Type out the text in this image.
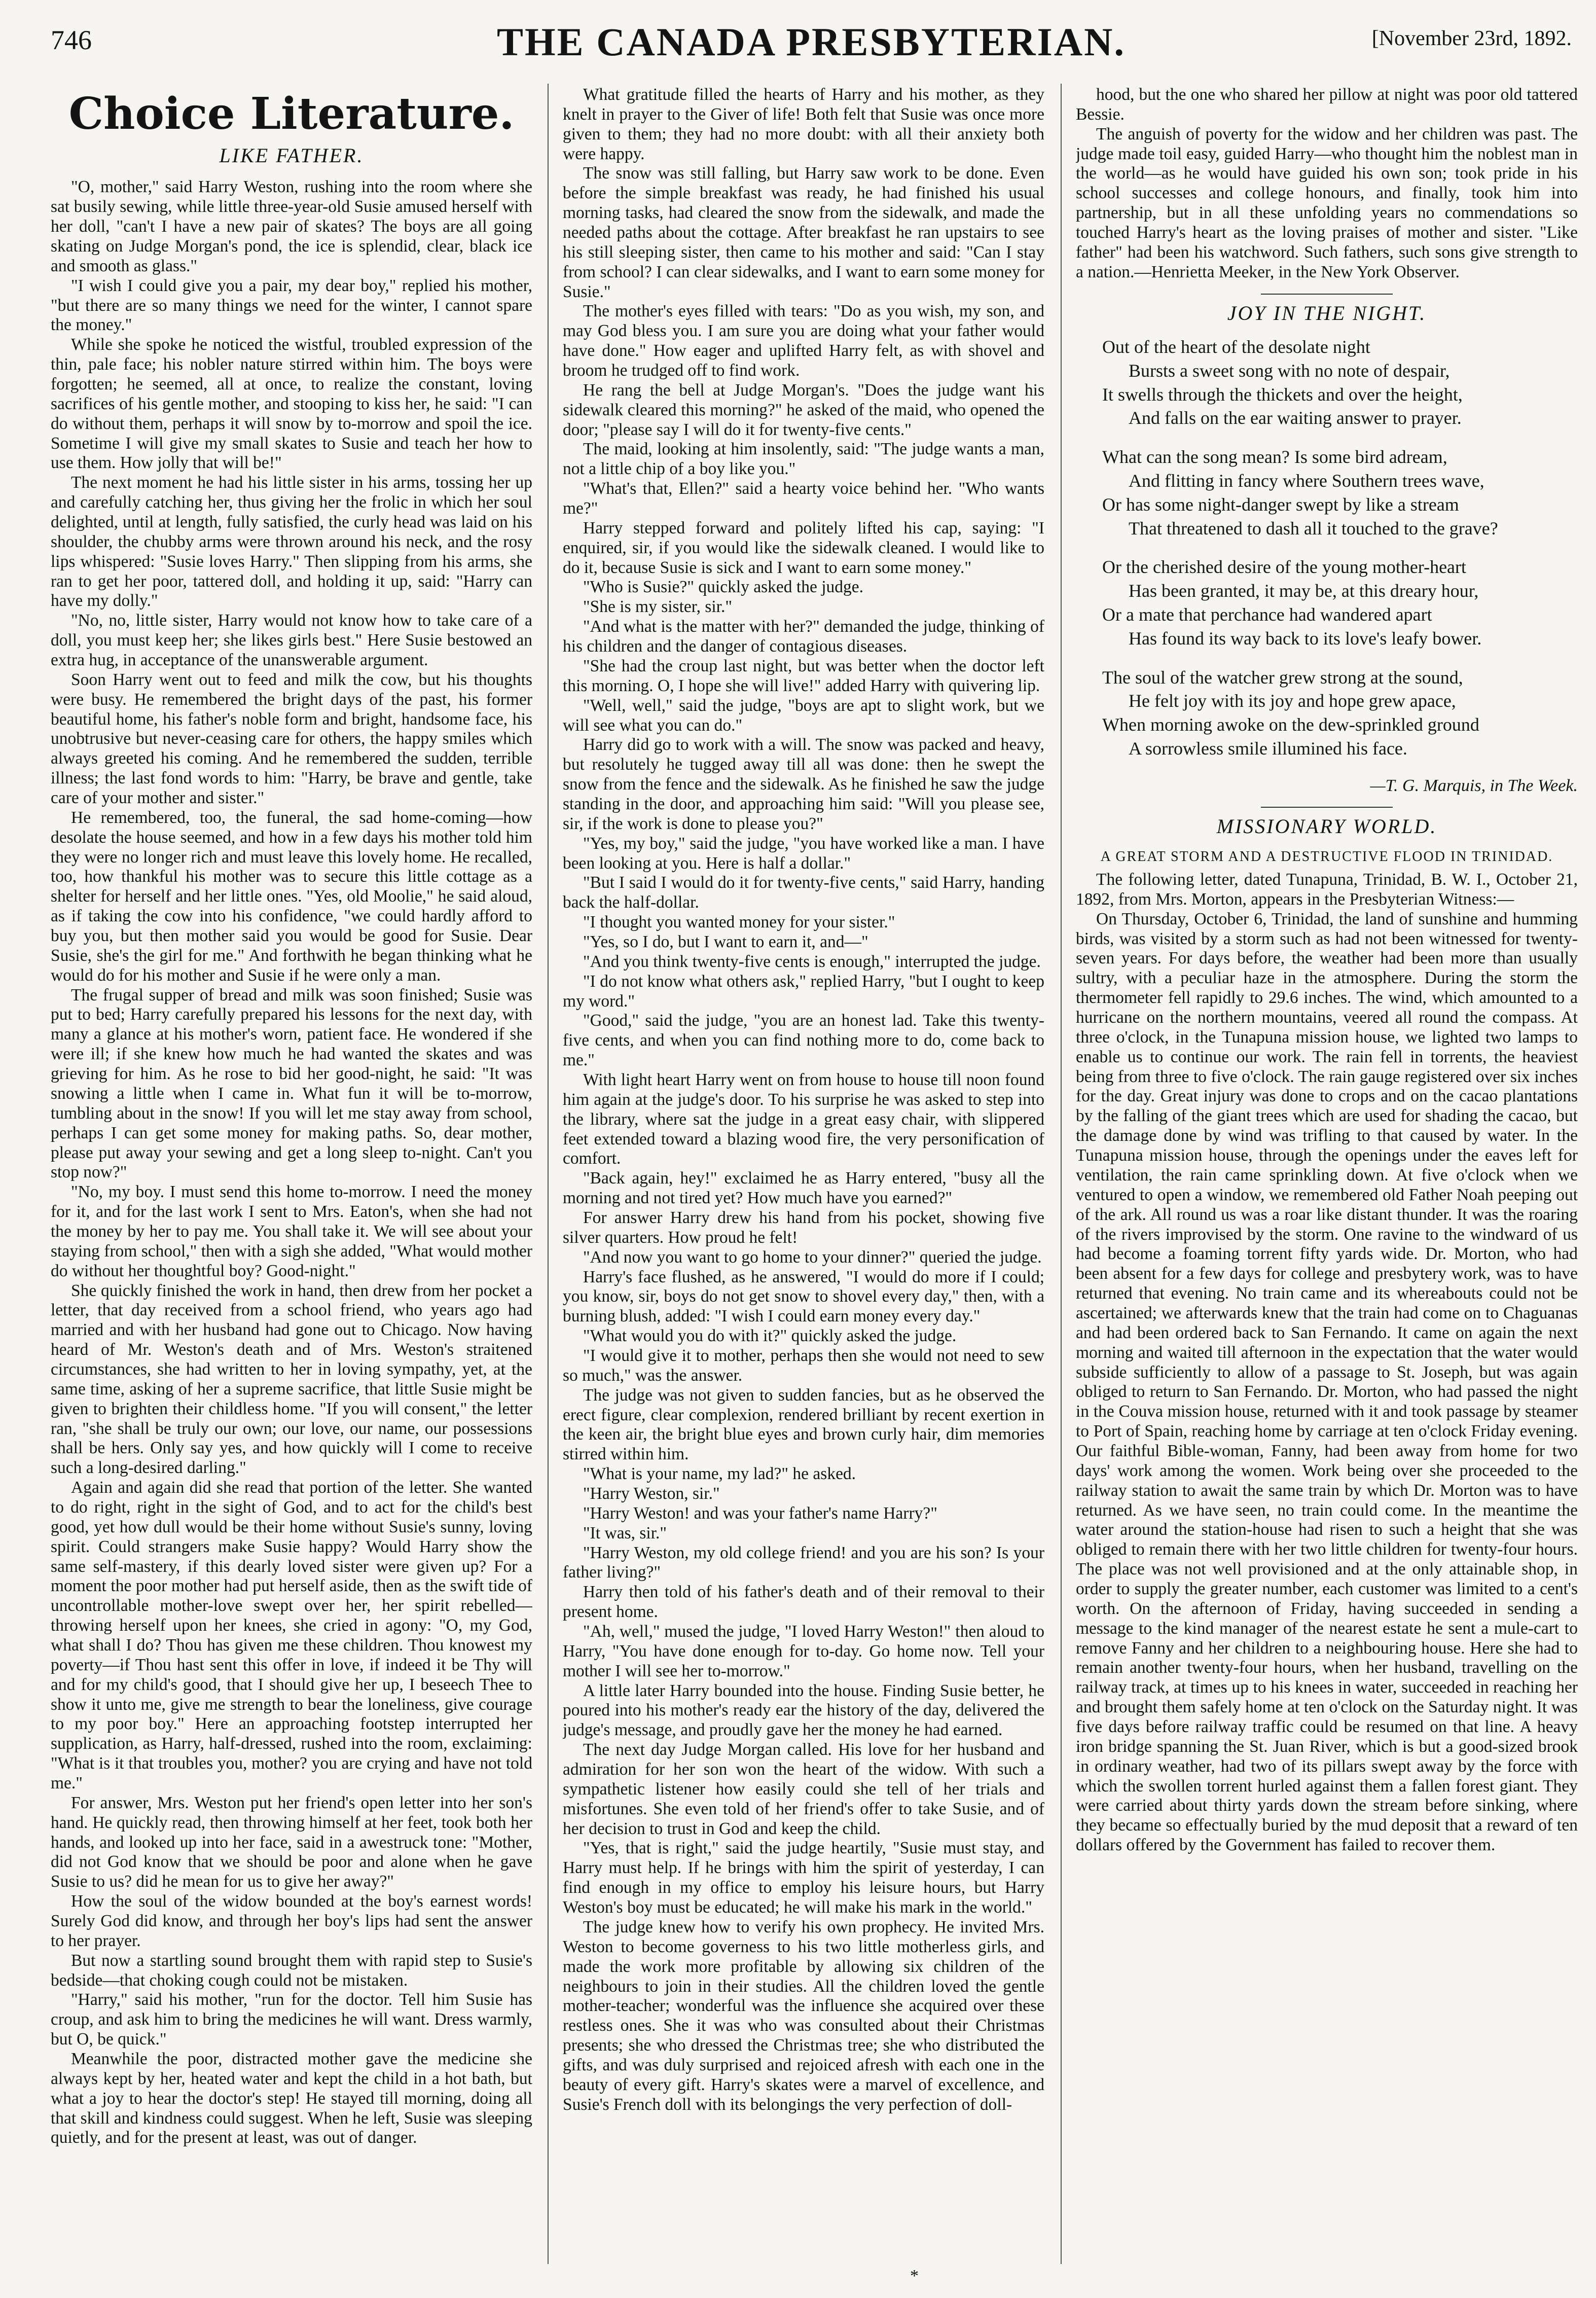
746	THE CANADA PRESBYTERIAN.	[November 23rd, 1892.
Choice Literature.
LIKE FATHER.

"O, mother," said Harry Weston, rushing into the room where she sat busily sewing, while little three-year-old Susie amused herself with her doll, "can't I have a new pair of skates? The boys are all going skating on Judge Morgan's pond, the ice is splendid, clear, black ice and smooth as glass."

"I wish I could give you a pair, my dear boy," replied his mother, "but there are so many things we need for the winter, I cannot spare the money."

While she spoke he noticed the wistful, troubled expression of the thin, pale face; his nobler nature stirred within him. The boys were forgotten; he seemed, all at once, to realize the constant, loving sacrifices of his gentle mother, and stooping to kiss her, he said: "I can do without them, perhaps it will snow by to-morrow and spoil the ice. Sometime I will give my small skates to Susie and teach her how to use them. How jolly that will be!"

The next moment he had his little sister in his arms, tossing her up and carefully catching her, thus giving her the frolic in which her soul delighted, until at length, fully satisfied, the curly head was laid on his shoulder, the chubby arms were thrown around his neck, and the rosy lips whispered: "Susie loves Harry." Then slipping from his arms, she ran to get her poor, tattered doll, and holding it up, said: "Harry can have my dolly."

"No, no, little sister, Harry would not know how to take care of a doll, you must keep her; she likes girls best." Here Susie bestowed an extra hug, in acceptance of the unanswerable argument.

Soon Harry went out to feed and milk the cow, but his thoughts were busy. He remembered the bright days of the past, his former beautiful home, his father's noble form and bright, handsome face, his unobtrusive but never-ceasing care for others, the happy smiles which always greeted his coming. And he remembered the sudden, terrible illness; the last fond words to him: "Harry, be brave and gentle, take care of your mother and sister."

He remembered, too, the funeral, the sad home-coming—how desolate the house seemed, and how in a few days his mother told him they were no longer rich and must leave this lovely home. He recalled, too, how thankful his mother was to secure this little cottage as a shelter for herself and her little ones. "Yes, old Moolie," he said aloud, as if taking the cow into his confidence, "we could hardly afford to buy you, but then mother said you would be good for Susie. Dear Susie, she's the girl for me." And forthwith he began thinking what he would do for his mother and Susie if he were only a man.

The frugal supper of bread and milk was soon finished; Susie was put to bed; Harry carefully prepared his lessons for the next day, with many a glance at his mother's worn, patient face. He wondered if she were ill; if she knew how much he had wanted the skates and was grieving for him. As he rose to bid her good-night, he said: "It was snowing a little when I came in. What fun it will be to-morrow, tumbling about in the snow! If you will let me stay away from school, perhaps I can get some money for making paths. So, dear mother, please put away your sewing and get a long sleep to-night. Can't you stop now?"

"No, my boy. I must send this home to-morrow. I need the money for it, and for the last work I sent to Mrs. Eaton's, when she had not the money by her to pay me. You shall take it. We will see about your staying from school," then with a sigh she added, "What would mother do without her thoughtful boy? Good-night."

She quickly finished the work in hand, then drew from her pocket a letter, that day received from a school friend, who years ago had married and with her husband had gone out to Chicago. Now having heard of Mr. Weston's death and of Mrs. Weston's straitened circumstances, she had written to her in loving sympathy, yet, at the same time, asking of her a supreme sacrifice, that little Susie might be given to brighten their childless home. "If you will consent," the letter ran, "she shall be truly our own; our love, our name, our possessions shall be hers. Only say yes, and how quickly will I come to receive such a long-desired darling."

Again and again did she read that portion of the letter. She wanted to do right, right in the sight of God, and to act for the child's best good, yet how dull would be their home without Susie's sunny, loving spirit. Could strangers make Susie happy? Would Harry show the same self-mastery, if this dearly loved sister were given up? For a moment the poor mother had put herself aside, then as the swift tide of uncontrollable mother-love swept over her, her spirit rebelled—throwing herself upon her knees, she cried in agony: "O, my God, what shall I do? Thou has given me these children. Thou knowest my poverty—if Thou hast sent this offer in love, if indeed it be Thy will and for my child's good, that I should give her up, I beseech Thee to show it unto me, give me strength to bear the loneliness, give courage to my poor boy." Here an approaching footstep interrupted her supplication, as Harry, half-dressed, rushed into the room, exclaiming: "What is it that troubles you, mother? you are crying and have not told me."

For answer, Mrs. Weston put her friend's open letter into her son's hand. He quickly read, then throwing himself at her feet, took both her hands, and looked up into her face, said in a awestruck tone: "Mother, did not God know that we should be poor and alone when he gave Susie to us? did he mean for us to give her away?"

How the soul of the widow bounded at the boy's earnest words! Surely God did know, and through her boy's lips had sent the answer to her prayer.

But now a startling sound brought them with rapid step to Susie's bedside—that choking cough could not be mistaken.

"Harry," said his mother, "run for the doctor. Tell him Susie has croup, and ask him to bring the medicines he will want. Dress warmly, but O, be quick."

Meanwhile the poor, distracted mother gave the medicine she always kept by her, heated water and kept the child in a hot bath, but what a joy to hear the doctor's step! He stayed till morning, doing all that skill and kindness could suggest. When he left, Susie was sleeping quietly, and for the present at least, was out of danger.

What gratitude filled the hearts of Harry and his mother, as they knelt in prayer to the Giver of life! Both felt that Susie was once more given to them; they had no more doubt: with all their anxiety both were happy.

The snow was still falling, but Harry saw work to be done. Even before the simple breakfast was ready, he had finished his usual morning tasks, had cleared the snow from the sidewalk, and made the needed paths about the cottage. After breakfast he ran upstairs to see his still sleeping sister, then came to his mother and said: "Can I stay from school? I can clear sidewalks, and I want to earn some money for Susie."

The mother's eyes filled with tears: "Do as you wish, my son, and may God bless you. I am sure you are doing what your father would have done." How eager and uplifted Harry felt, as with shovel and broom he trudged off to find work.

He rang the bell at Judge Morgan's. "Does the judge want his sidewalk cleared this morning?" he asked of the maid, who opened the door; "please say I will do it for twenty-five cents."

The maid, looking at him insolently, said: "The judge wants a man, not a little chip of a boy like you."

"What's that, Ellen?" said a hearty voice behind her. "Who wants me?"

Harry stepped forward and politely lifted his cap, saying: "I enquired, sir, if you would like the sidewalk cleaned. I would like to do it, because Susie is sick and I want to earn some money."

"Who is Susie?" quickly asked the judge.

"She is my sister, sir."

"And what is the matter with her?" demanded the judge, thinking of his children and the danger of contagious diseases.

"She had the croup last night, but was better when the doctor left this morning. O, I hope she will live!" added Harry with quivering lip.

"Well, well," said the judge, "boys are apt to slight work, but we will see what you can do."

Harry did go to work with a will. The snow was packed and heavy, but resolutely he tugged away till all was done: then he swept the snow from the fence and the sidewalk. As he finished he saw the judge standing in the door, and approaching him said: "Will you please see, sir, if the work is done to please you?"

"Yes, my boy," said the judge, "you have worked like a man. I have been looking at you. Here is half a dollar."

"But I said I would do it for twenty-five cents," said Harry, handing back the half-dollar.

"I thought you wanted money for your sister."

"Yes, so I do, but I want to earn it, and—"

"And you think twenty-five cents is enough," interrupted the judge.

"I do not know what others ask," replied Harry, "but I ought to keep my word."

"Good," said the judge, "you are an honest lad. Take this twenty-five cents, and when you can find nothing more to do, come back to me."

With light heart Harry went on from house to house till noon found him again at the judge's door. To his surprise he was asked to step into the library, where sat the judge in a great easy chair, with slippered feet extended toward a blazing wood fire, the very personification of comfort.

"Back again, hey!" exclaimed he as Harry entered, "busy all the morning and not tired yet? How much have you earned?"

For answer Harry drew his hand from his pocket, showing five silver quarters. How proud he felt!

"And now you want to go home to your dinner?" queried the judge.

Harry's face flushed, as he answered, "I would do more if I could; you know, sir, boys do not get snow to shovel every day," then, with a burning blush, added: "I wish I could earn money every day."

"What would you do with it?" quickly asked the judge.

"I would give it to mother, perhaps then she would not need to sew so much," was the answer.

The judge was not given to sudden fancies, but as he observed the erect figure, clear complexion, rendered brilliant by recent exertion in the keen air, the bright blue eyes and brown curly hair, dim memories stirred within him.

"What is your name, my lad?" he asked.

"Harry Weston, sir."

"Harry Weston! and was your father's name Harry?"

"It was, sir."

"Harry Weston, my old college friend! and you are his son? Is your father living?"

Harry then told of his father's death and of their removal to their present home.

"Ah, well," mused the judge, "I loved Harry Weston!" then aloud to Harry, "You have done enough for to-day. Go home now. Tell your mother I will see her to-morrow."

A little later Harry bounded into the house. Finding Susie better, he poured into his mother's ready ear the history of the day, delivered the judge's message, and proudly gave her the money he had earned.

The next day Judge Morgan called. His love for her husband and admiration for her son won the heart of the widow. With such a sympathetic listener how easily could she tell of her trials and misfortunes. She even told of her friend's offer to take Susie, and of her decision to trust in God and keep the child.

"Yes, that is right," said the judge heartily, "Susie must stay, and Harry must help. If he brings with him the spirit of yesterday, I can find enough in my office to employ his leisure hours, but Harry Weston's boy must be educated; he will make his mark in the world."

The judge knew how to verify his own prophecy. He invited Mrs. Weston to become governess to his two little motherless girls, and made the work more profitable by allowing six children of the neighbours to join in their studies. All the children loved the gentle mother-teacher; wonderful was the influence she acquired over these restless ones. She it was who was consulted about their Christmas presents; she who dressed the Christmas tree; she who distributed the gifts, and was duly surprised and rejoiced afresh with each one in the beauty of every gift. Harry's skates were a marvel of excellence, and Susie's French doll with its belongings the very perfection of doll-

hood, but the one who shared her pillow at night was poor old tattered Bessie.

The anguish of poverty for the widow and her children was past. The judge made toil easy, guided Harry—who thought him the noblest man in the world—as he would have guided his own son; took pride in his school successes and college honours, and finally, took him into partnership, but in all these unfolding years no commendations so touched Harry's heart as the loving praises of mother and sister. "Like father" had been his watchword. Such fathers, such sons give strength to a nation.—Henrietta Meeker, in the New York Observer.

JOY IN THE NIGHT.
Out of the heart of the desolate night
Bursts a sweet song with no note of despair,
It swells through the thickets and over the height,
And falls on the ear waiting answer to prayer.
What can the song mean? Is some bird adream,
And flitting in fancy where Southern trees wave,
Or has some night-danger swept by like a stream
That threatened to dash all it touched to the grave?
Or the cherished desire of the young mother-heart
Has been granted, it may be, at this dreary hour,
Or a mate that perchance had wandered apart
Has found its way back to its love's leafy bower.
The soul of the watcher grew strong at the sound,
He felt joy with its joy and hope grew apace,
When morning awoke on the dew-sprinkled ground
A sorrowless smile illumined his face.
—T. G. Marquis, in The Week.
MISSIONARY WORLD.
A GREAT STORM AND A DESTRUCTIVE FLOOD IN TRINIDAD.

The following letter, dated Tunapuna, Trinidad, B. W. I., October 21, 1892, from Mrs. Morton, appears in the Presbyterian Witness:—

On Thursday, October 6, Trinidad, the land of sunshine and humming birds, was visited by a storm such as had not been witnessed for twenty-seven years. For days before, the weather had been more than usually sultry, with a peculiar haze in the atmosphere. During the storm the thermometer fell rapidly to 29.6 inches. The wind, which amounted to a hurricane on the northern mountains, veered all round the compass. At three o'clock, in the Tunapuna mission house, we lighted two lamps to enable us to continue our work. The rain fell in torrents, the heaviest being from three to five o'clock. The rain gauge registered over six inches for the day. Great injury was done to crops and on the cacao plantations by the falling of the giant trees which are used for shading the cacao, but the damage done by wind was trifling to that caused by water. In the Tunapuna mission house, through the openings under the eaves left for ventilation, the rain came sprinkling down. At five o'clock when we ventured to open a window, we remembered old Father Noah peeping out of the ark. All round us was a roar like distant thunder. It was the roaring of the rivers improvised by the storm. One ravine to the windward of us had become a foaming torrent fifty yards wide. Dr. Morton, who had been absent for a few days for college and presbytery work, was to have returned that evening. No train came and its whereabouts could not be ascertained; we afterwards knew that the train had come on to Chaguanas and had been ordered back to San Fernando. It came on again the next morning and waited till afternoon in the expectation that the water would subside sufficiently to allow of a passage to St. Joseph, but was again obliged to return to San Fernando. Dr. Morton, who had passed the night in the Couva mission house, returned with it and took passage by steamer to Port of Spain, reaching home by carriage at ten o'clock Friday evening. Our faithful Bible-woman, Fanny, had been away from home for two days' work among the women. Work being over she proceeded to the railway station to await the same train by which Dr. Morton was to have returned. As we have seen, no train could come. In the meantime the water around the station-house had risen to such a height that she was obliged to remain there with her two little children for twenty-four hours. The place was not well provisioned and at the only attainable shop, in order to supply the greater number, each customer was limited to a cent's worth. On the afternoon of Friday, having succeeded in sending a message to the kind manager of the nearest estate he sent a mule-cart to remove Fanny and her children to a neighbouring house. Here she had to remain another twenty-four hours, when her husband, travelling on the railway track, at times up to his knees in water, succeeded in reaching her and brought them safely home at ten o'clock on the Saturday night. It was five days before railway traffic could be resumed on that line. A heavy iron bridge spanning the St. Juan River, which is but a good-sized brook in ordinary weather, had two of its pillars swept away by the force with which the swollen torrent hurled against them a fallen forest giant. They were carried about thirty yards down the stream before sinking, where they became so effectually buried by the mud deposit that a reward of ten dollars offered by the Government has failed to recover them.

*
